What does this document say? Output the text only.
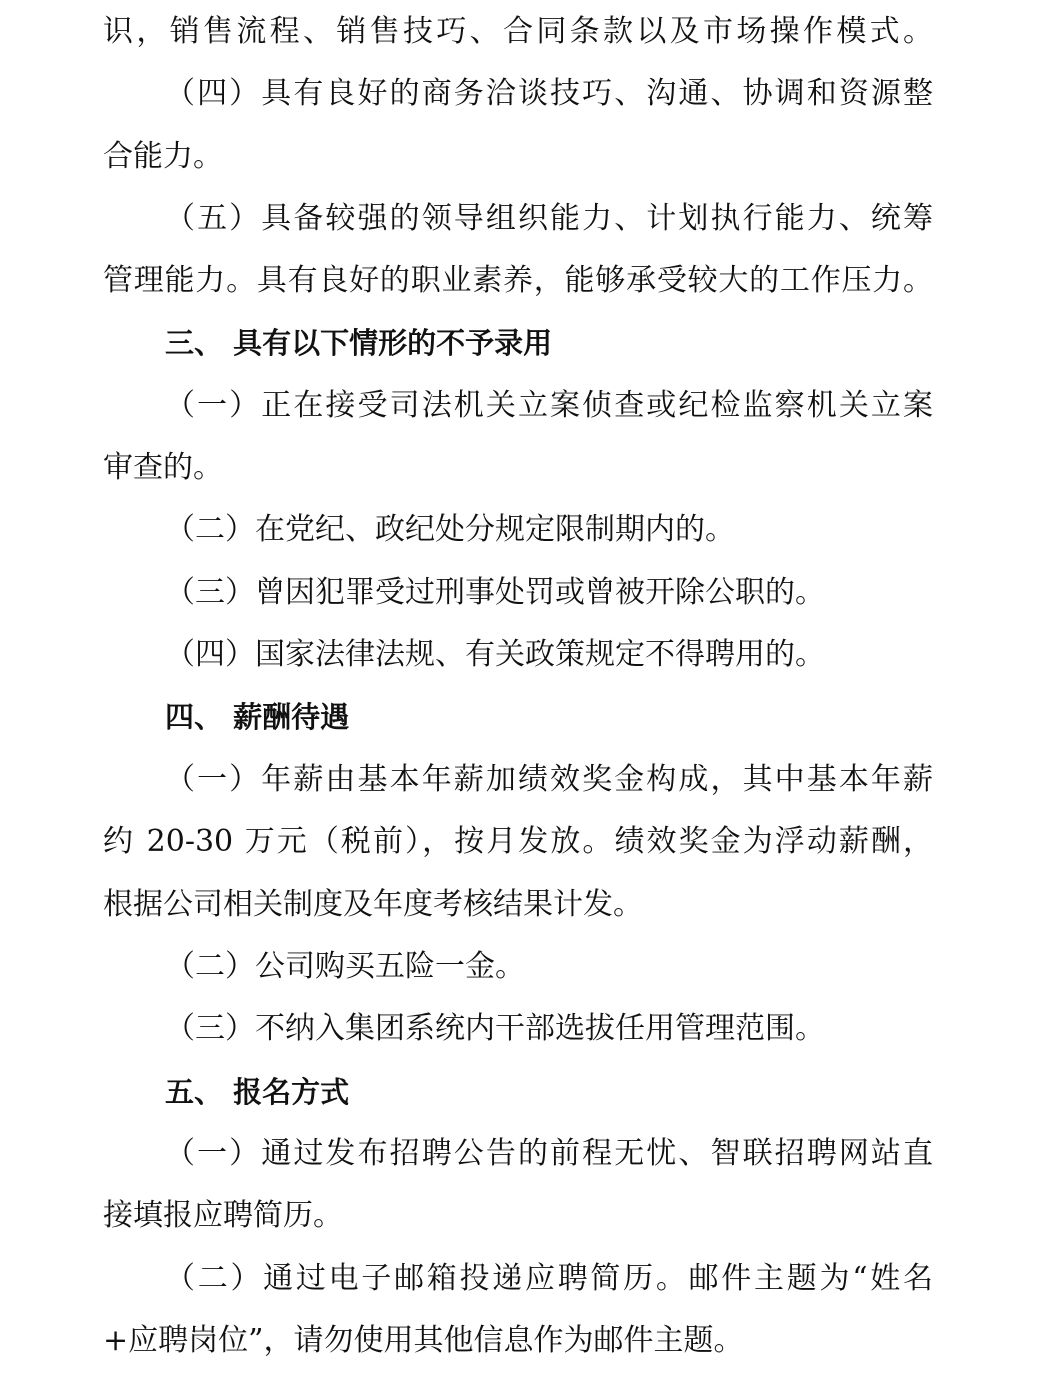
识，销售流程、销售技巧、合同条款以及市场操作模式。
（四）具有良好的商务洽谈技巧、沟通、协调和资源整
合能力。
（五）具备较强的领导组织能力、计划执行能力、统筹
管理能力。具有良好的职业素养，能够承受较大的工作压力。
三、 具有以下情形的不予录用
（一）正在接受司法机关立案侦查或纪检监察机关立案
审查的。
（二）在党纪、政纪处分规定限制期内的。
（三）曾因犯罪受过刑事处罚或曾被开除公职的。
（四）国家法律法规、有关政策规定不得聘用的。
四、 薪酬待遇
（一）年薪由基本年薪加绩效奖金构成，其中基本年薪
约 20-30 万元（税前），按月发放。绩效奖金为浮动薪酬，
根据公司相关制度及年度考核结果计发。
（二）公司购买五险一金。
（三）不纳入集团系统内干部选拔任用管理范围。
五、 报名方式
（一）通过发布招聘公告的前程无忧、智联招聘网站直
接填报应聘简历。
（二）通过电子邮箱投递应聘简历。邮件主题为“姓名
+应聘岗位”，请勿使用其他信息作为邮件主题。
